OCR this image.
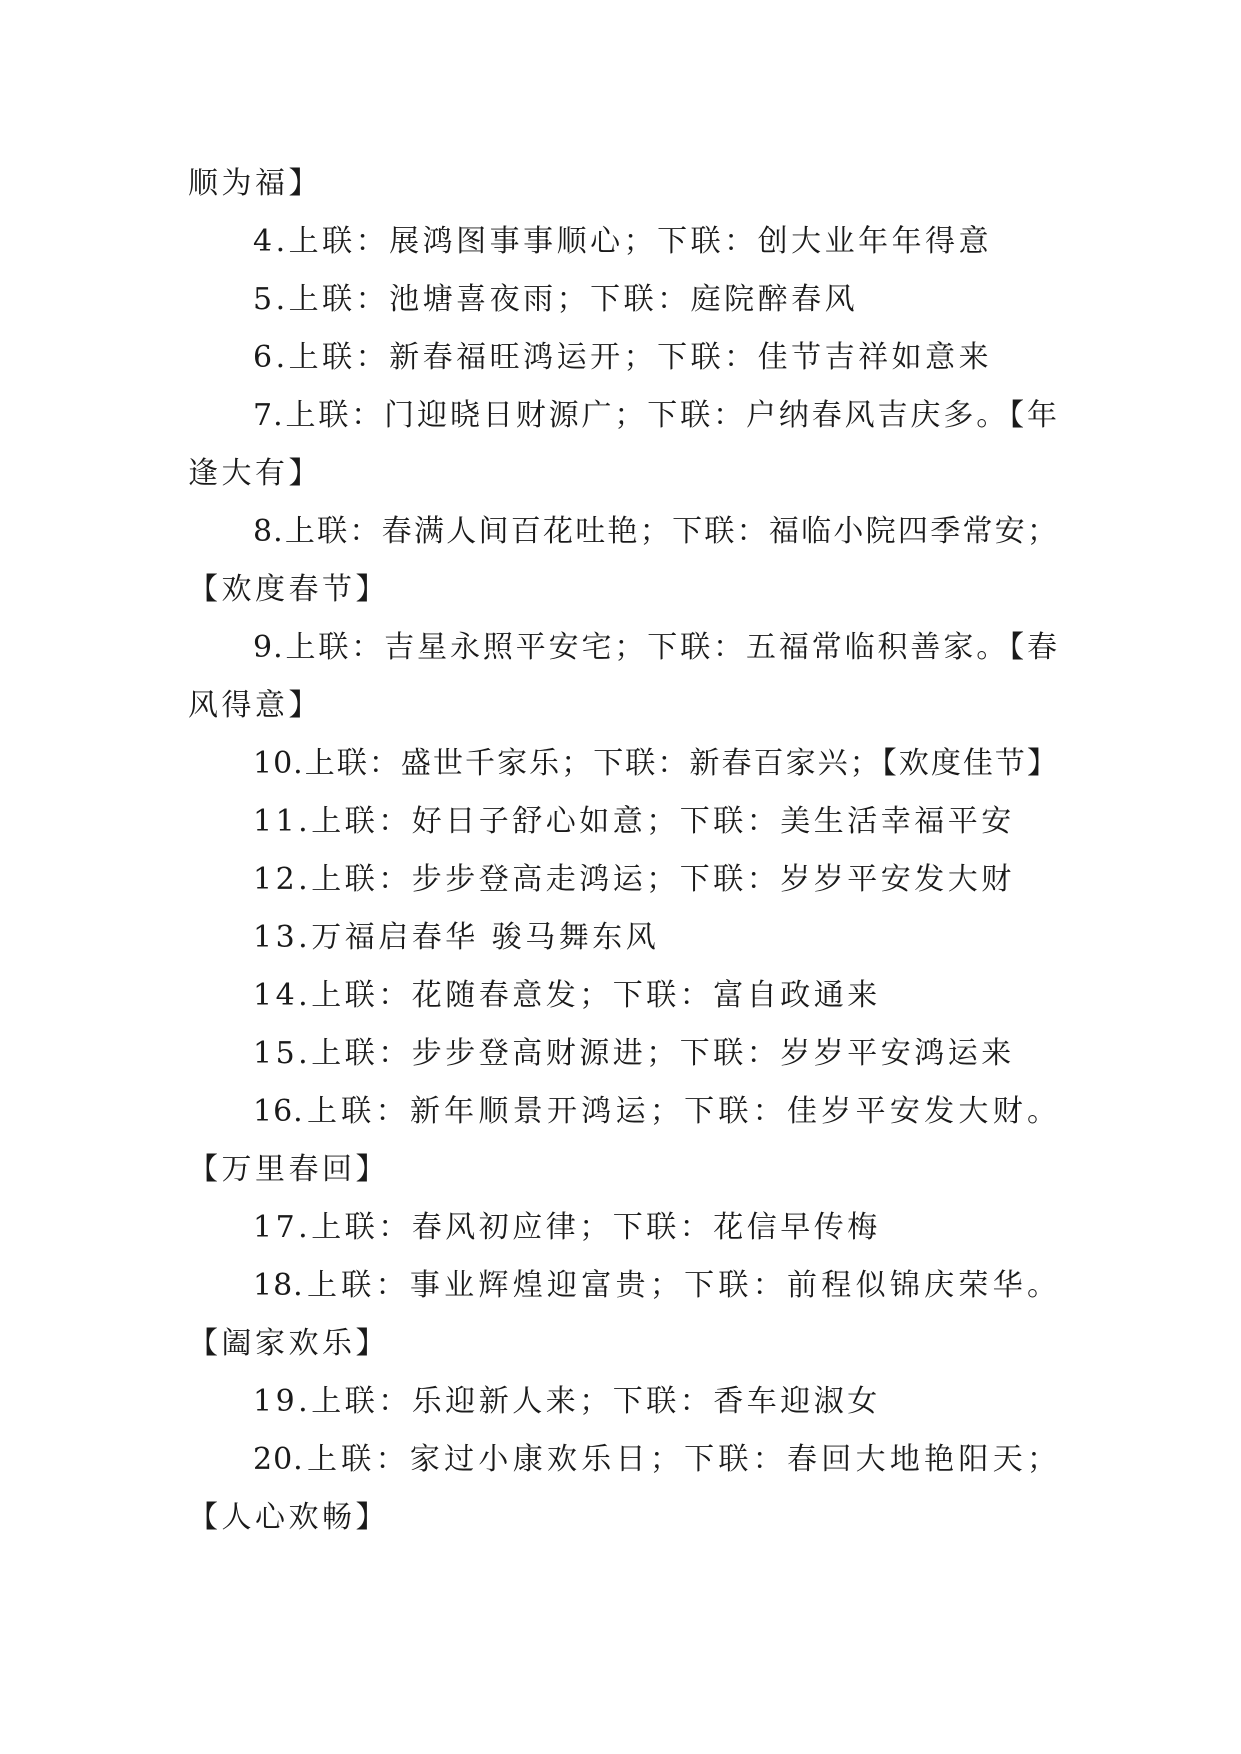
顺为福】
4.上联：展鸿图事事顺心；下联：创大业年年得意
5.上联：池塘喜夜雨；下联：庭院醉春风
6.上联：新春福旺鸿运开；下联：佳节吉祥如意来
7.上联：门迎晓日财源广；下联：户纳春风吉庆多。【年
逢大有】
8.上联：春满人间百花吐艳；下联：福临小院四季常安；
【欢度春节】
9.上联：吉星永照平安宅；下联：五福常临积善家。【春
风得意】
10.上联：盛世千家乐；下联：新春百家兴；【欢度佳节】
11.上联：好日子舒心如意；下联：美生活幸福平安
12.上联：步步登高走鸿运；下联：岁岁平安发大财
13.万福启春华 骏马舞东风
14.上联：花随春意发；下联：富自政通来
15.上联：步步登高财源进；下联：岁岁平安鸿运来
16.上联：新年顺景开鸿运；下联：佳岁平安发大财。
【万里春回】
17.上联：春风初应律；下联：花信早传梅
18.上联：事业辉煌迎富贵；下联：前程似锦庆荣华。
【阖家欢乐】
19.上联：乐迎新人来；下联：香车迎淑女
20.上联：家过小康欢乐日；下联：春回大地艳阳天；
【人心欢畅】
